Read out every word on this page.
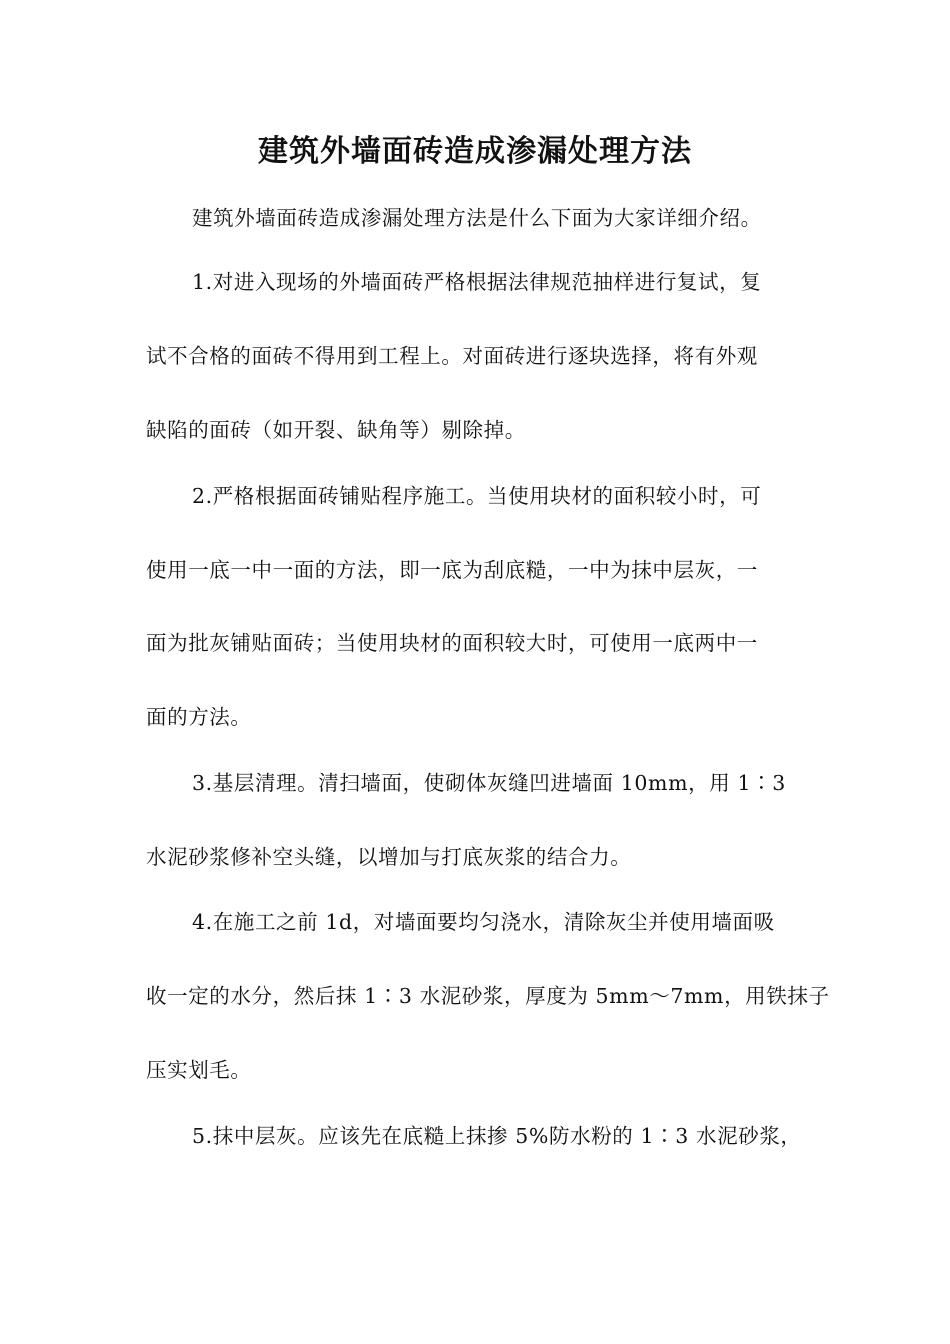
建筑外墙面砖造成渗漏处理方法
建筑外墙面砖造成渗漏处理方法是什么下面为大家详细介绍。
1.对进入现场的外墙面砖严格根据法律规范抽样进行复试，复
试不合格的面砖不得用到工程上。对面砖进行逐块选择，将有外观
缺陷的面砖（如开裂、缺角等）剔除掉。
2.严格根据面砖铺贴程序施工。当使用块材的面积较小时，可
使用一底一中一面的方法，即一底为刮底糙，一中为抹中层灰，一
面为批灰铺贴面砖；当使用块材的面积较大时，可使用一底两中一
面的方法。
3.基层清理。清扫墙面，使砌体灰缝凹进墙面 10mm，用 1∶3
水泥砂浆修补空头缝，以增加与打底灰浆的结合力。
4.在施工之前 1d，对墙面要均匀浇水，清除灰尘并使用墙面吸
收一定的水分，然后抹 1∶3 水泥砂浆，厚度为 5mm～7mm，用铁抹子
压实划毛。
5.抹中层灰。应该先在底糙上抹掺 5%防水粉的 1∶3 水泥砂浆，
